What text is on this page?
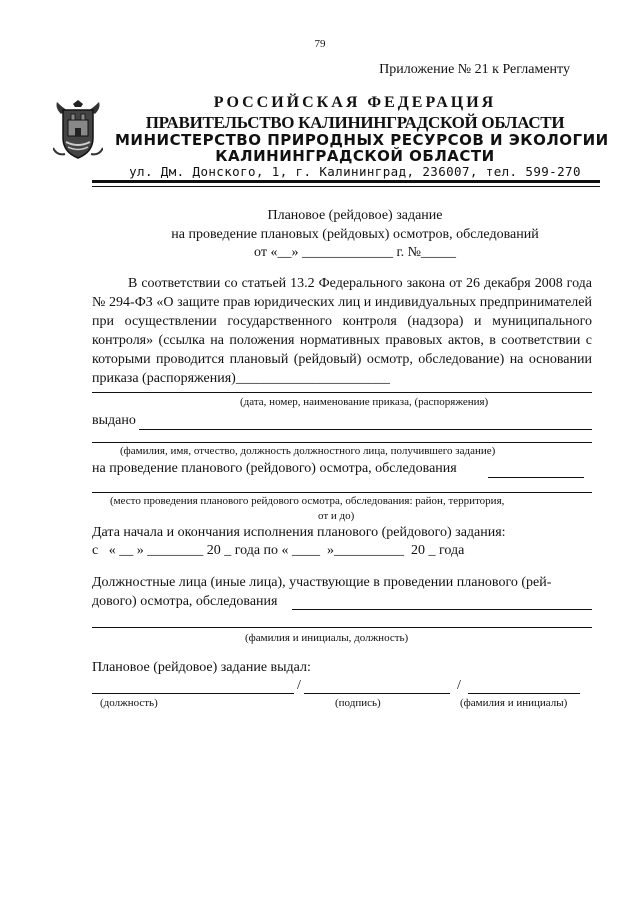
79
Приложение № 21 к Регламенту
РОССИЙСКАЯ ФЕДЕРАЦИЯ
ПРАВИТЕЛЬСТВО КАЛИНИНГРАДСКОЙ ОБЛАСТИ
МИНИСТЕРСТВО ПРИРОДНЫХ РЕСУРСОВ И ЭКОЛОГИИ
КАЛИНИНГРАДСКОЙ ОБЛАСТИ
ул. Дм. Донского, 1, г. Калининград, 236007, тел. 599-270
Плановое (рейдовое) задание
на проведение плановых (рейдовых) осмотров, обследований
от «__» _____________ г. №_____
В соответствии со статьей 13.2 Федерального закона от 26 декабря 2008 года № 294-ФЗ «О защите прав юридических лиц и индивидуальных предпринимателей при осуществлении государственного контроля (надзора) и муниципального контроля» (ссылка на положения нормативных правовых актов, в соответствии с которыми проводится плановый (рейдовый) осмотр, обследование) на основании приказа (распоряжения)______________________
(дата, номер, наименование приказа, (распоряжения)
выдано
(фамилия, имя, отчество, должность должностного лица, получившего задание)
на проведение планового (рейдового) осмотра, обследования
(место проведения планового рейдового осмотра, обследования: район, территория,
от и до)
Дата начала и окончания исполнения планового (рейдового) задания:
с   « __ » ________ 20 _ года по « ____  »__________  20 _ года
Должностные лица (иные лица), участвующие в проведении планового (рей-
дового) осмотра, обследования
(фамилия и инициалы, должность)
Плановое (рейдовое) задание выдал:
/	/
(должность)	(подпись)	(фамилия и инициалы)
